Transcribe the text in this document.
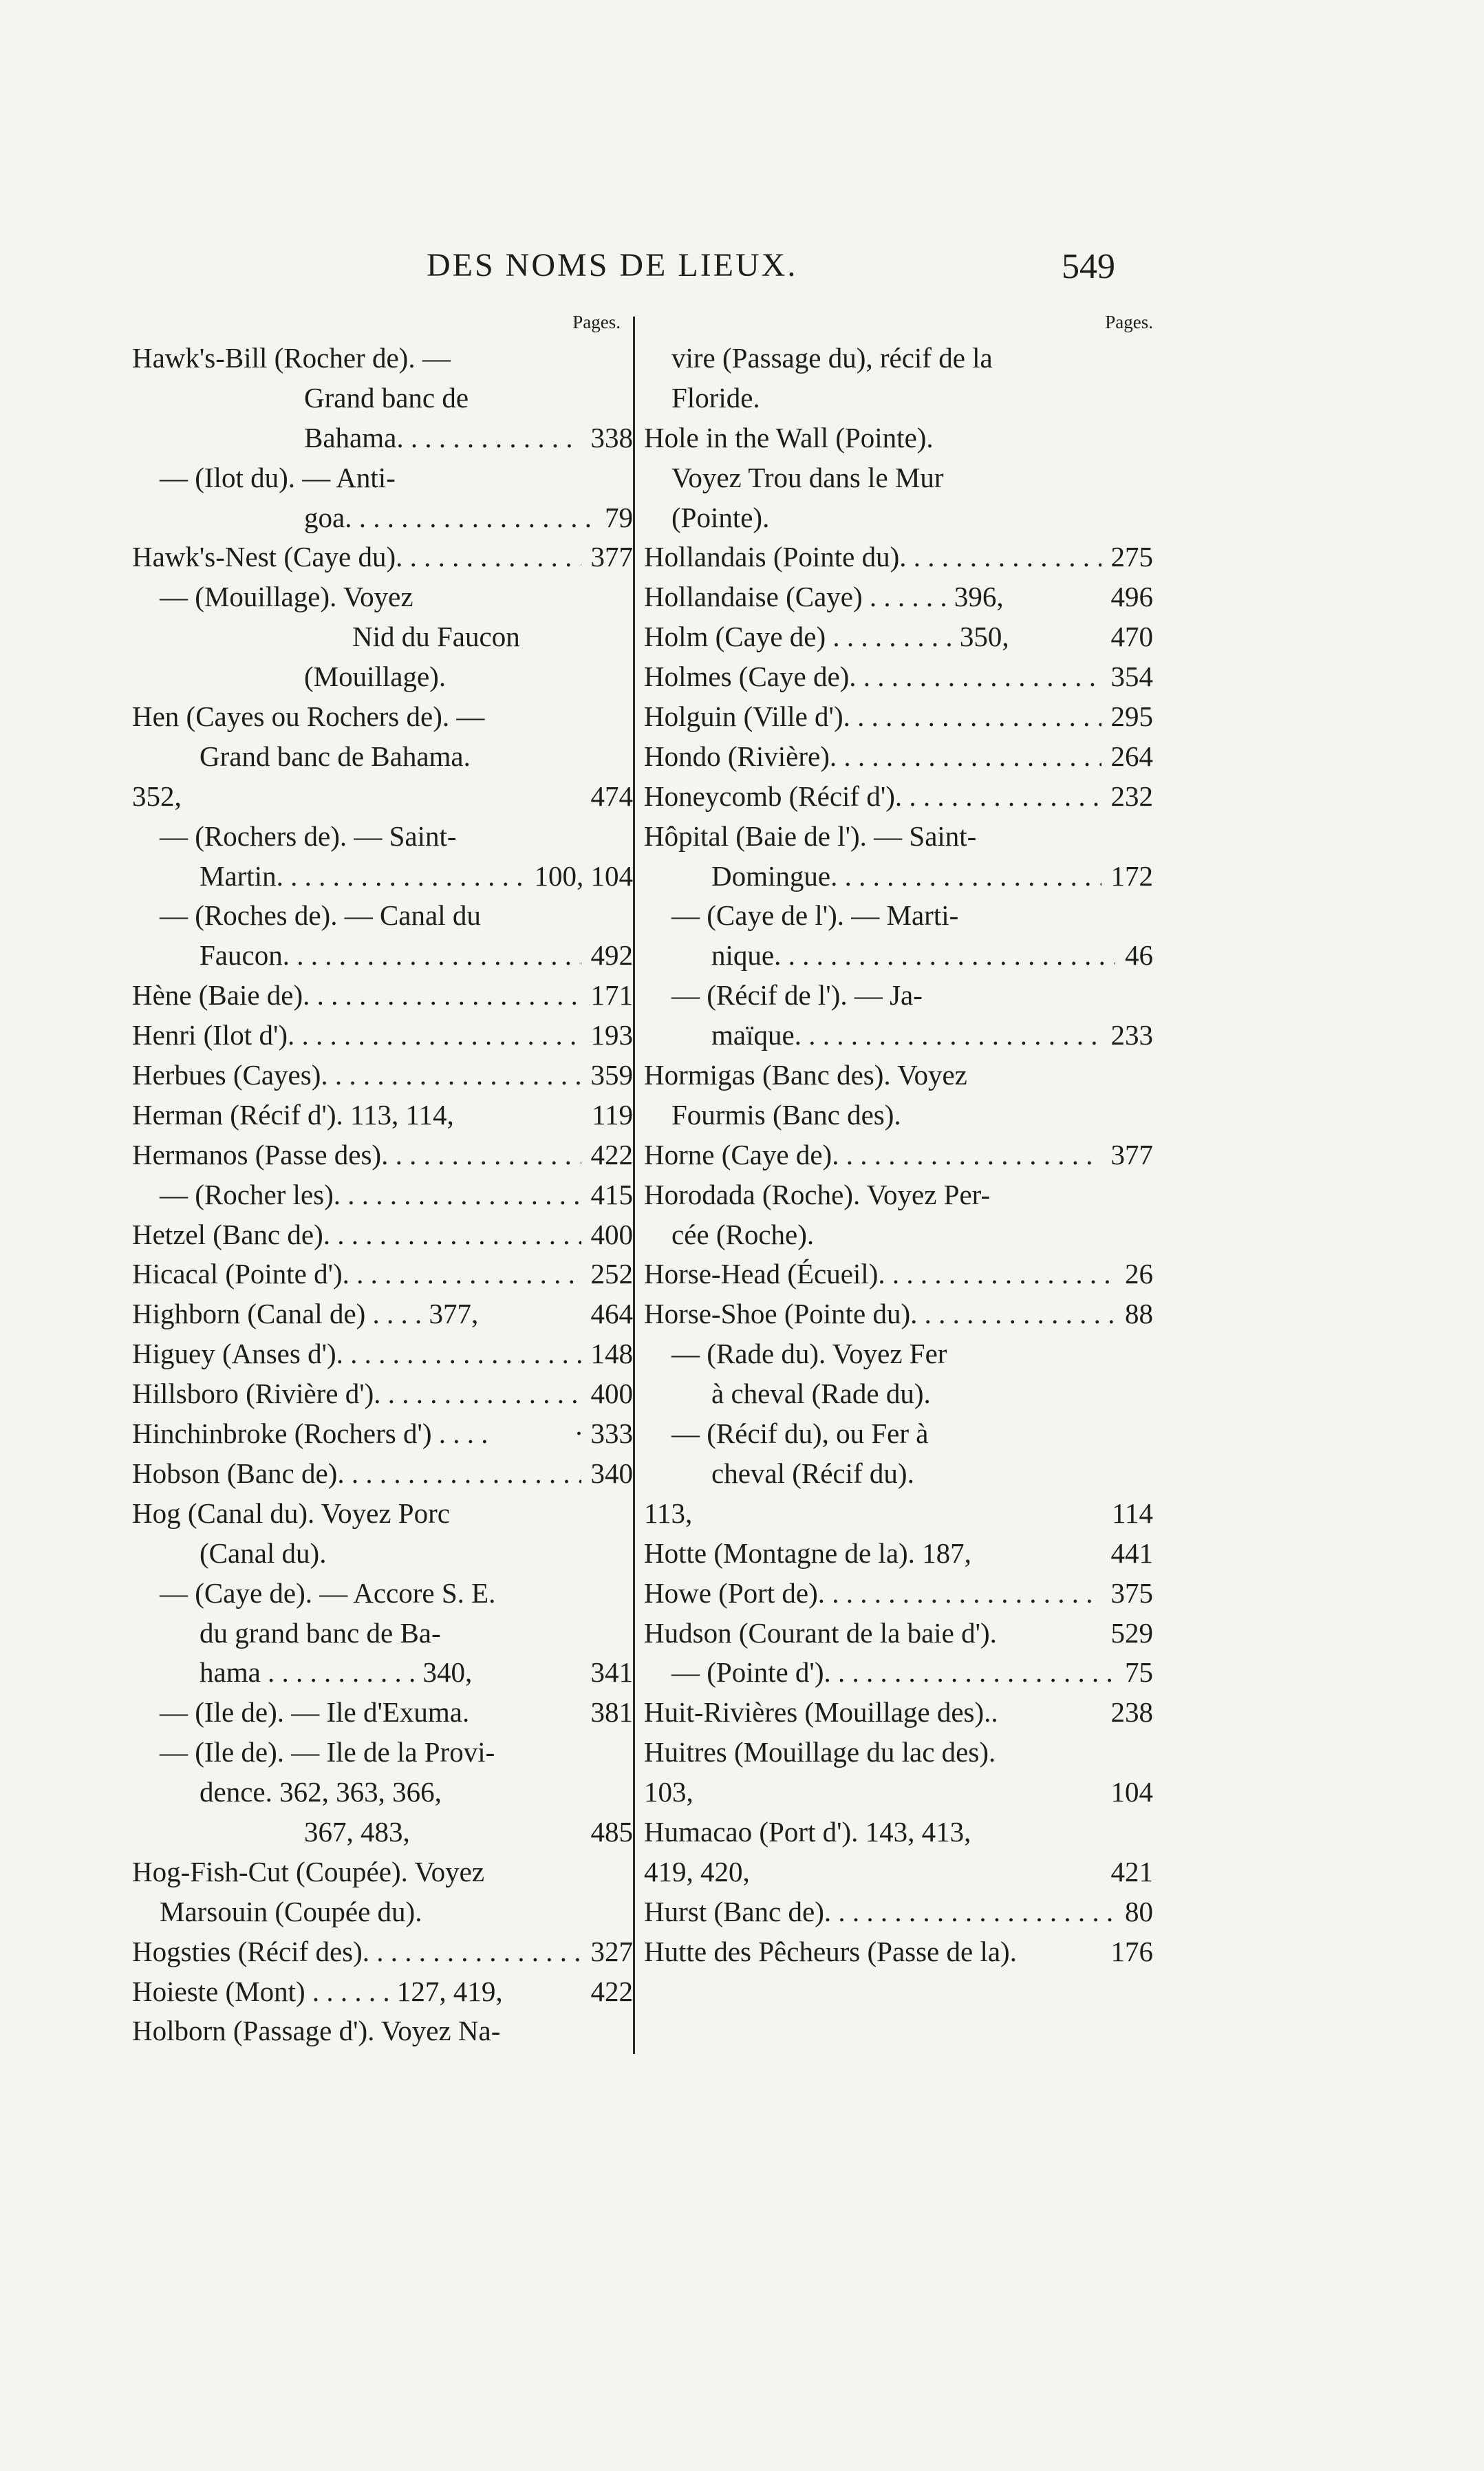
DES NOMS DE LIEUX.	549
Pages.
Hawk's-Bill (Rocher de). —
Grand banc de
Bahama . . .	338
— (Ilot du). — Anti-
goa . . .	79
Hawk's-Nest (Caye du) . . .	377
— (Mouillage). Voyez
Nid du Faucon
(Mouillage).
Hen (Cayes ou Rochers de). —
Grand banc de Bahama.
352,	474
— (Rochers de). — Saint-
Martin . . .	100, 104
— (Roches de). — Canal du
Faucon . . .	492
Hène (Baie de) . . .	171
Henri (Ilot d') . . .	193
Herbues (Cayes) . . .	359
Herman (Récif d'). 113, 114,	119
Hermanos (Passe des) . . .	422
— (Rocher les) . . .	415
Hetzel (Banc de) . . .	400
Hicacal (Pointe d') . . .	252
Highborn (Canal de) . . . . 377,	464
Higuey (Anses d') . . .	148
Hillsboro (Rivière d') . . .	400
Hinchinbroke (Rochers d') . . . .	· 333
Hobson (Banc de) . . .	340
Hog (Canal du). Voyez Porc
(Canal du).
— (Caye de). — Accore S. E.
du grand banc de Ba-
hama . . . . . . . . . . . 340,	341
— (Ile de). — Ile d'Exuma.	381
— (Ile de). — Ile de la Provi-
dence. 362, 363, 366,
367, 483,	485
Hog-Fish-Cut (Coupée). Voyez
Marsouin (Coupée du).
Hogsties (Récif des) . . .	327
Hoieste (Mont) . . . . . . 127, 419,	422
Holborn (Passage d'). Voyez Na-
Pages.
vire (Passage du), récif de la
Floride.
Hole in the Wall (Pointe).
Voyez Trou dans le Mur
(Pointe).
Hollandais (Pointe du) . . .	275
Hollandaise (Caye) . . . . . . 396,	496
Holm (Caye de) . . . . . . . . . 350,	470
Holmes (Caye de) . . .	354
Holguin (Ville d') . . .	295
Hondo (Rivière) . . .	264
Honeycomb (Récif d') . . .	232
Hôpital (Baie de l'). — Saint-
Domingue . . .	172
— (Caye de l'). — Marti-
nique . . .	46
— (Récif de l'). — Ja-
maïque . . .	233
Hormigas (Banc des). Voyez
Fourmis (Banc des).
Horne (Caye de) . . .	377
Horodada (Roche). Voyez Per-
cée (Roche).
Horse-Head (Écueil) . . .	26
Horse-Shoe (Pointe du) . . .	88
— (Rade du). Voyez Fer
à cheval (Rade du).
— (Récif du), ou Fer à
cheval (Récif du).
113,	114
Hotte (Montagne de la). 187,	441
Howe (Port de) . . .	375
Hudson (Courant de la baie d').	529
— (Pointe d') . . .	75
Huit-Rivières (Mouillage des)..	238
Huitres (Mouillage du lac des).
103,	104
Humacao (Port d'). 143, 413,
419, 420,	421
Hurst (Banc de) . . .	80
Hutte des Pêcheurs (Passe de la).	176
